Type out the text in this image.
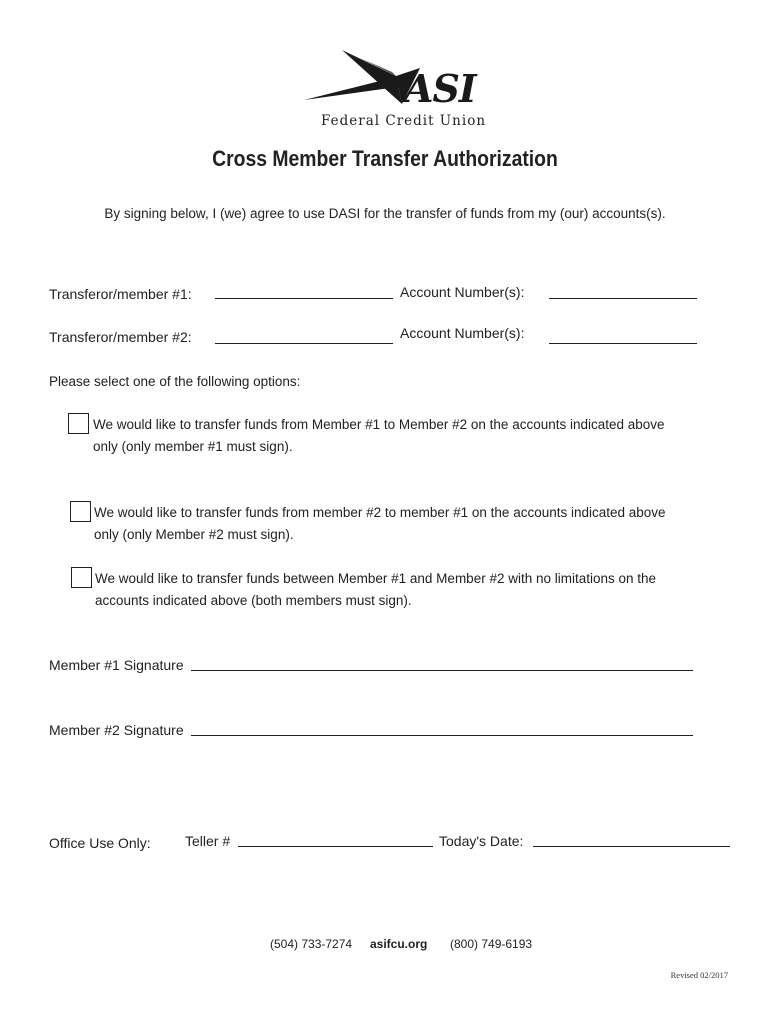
ASI
Federal Credit Union
Cross Member Transfer Authorization
By signing below, I (we) agree to use DASI for the transfer of funds from my (our) accounts(s).
Transferor/member #1:	Account Number(s):
Transferor/member #2:	Account Number(s):
Please select one of the following options:
We would like to transfer funds from Member #1 to Member #2 on the accounts indicated above
only (only member #1 must sign).
We would like to transfer funds from member #2 to member #1 on the accounts indicated above
only (only Member #2 must sign).
We would like to transfer funds between Member #1 and Member #2 with no limitations on the
accounts indicated above (both members must sign).
Member #1 Signature
Member #2 Signature
Office Use Only: Teller #	Today's Date:
(504) 733-7274 asifcu.org (800) 749-6193
Revised 02/2017
